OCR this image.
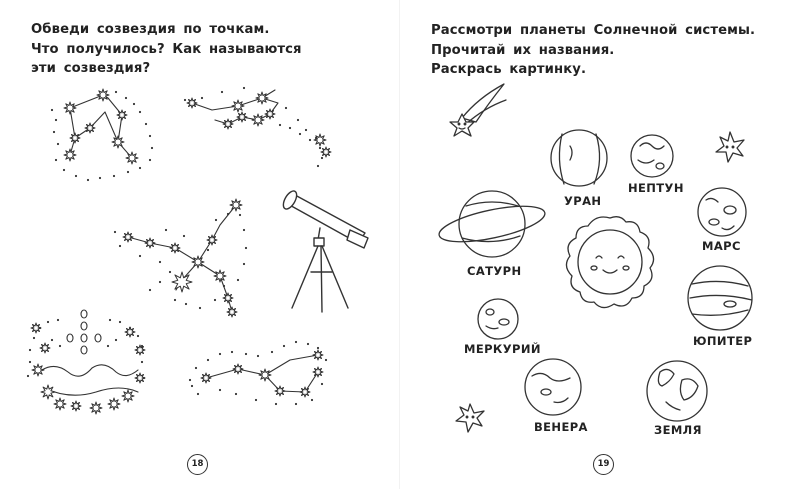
Обведи созвездия по точкам.
Что получилось? Как называются
эти созвездия?
18
Рассмотри планеты Солнечной системы.
Прочитай их названия.
Раскрась картинку.
УРАН
НЕПТУН
САТУРН
МАРС
МЕРКУРИЙ
ЮПИТЕР
ВЕНЕРА	ЗЕМЛЯ
19
